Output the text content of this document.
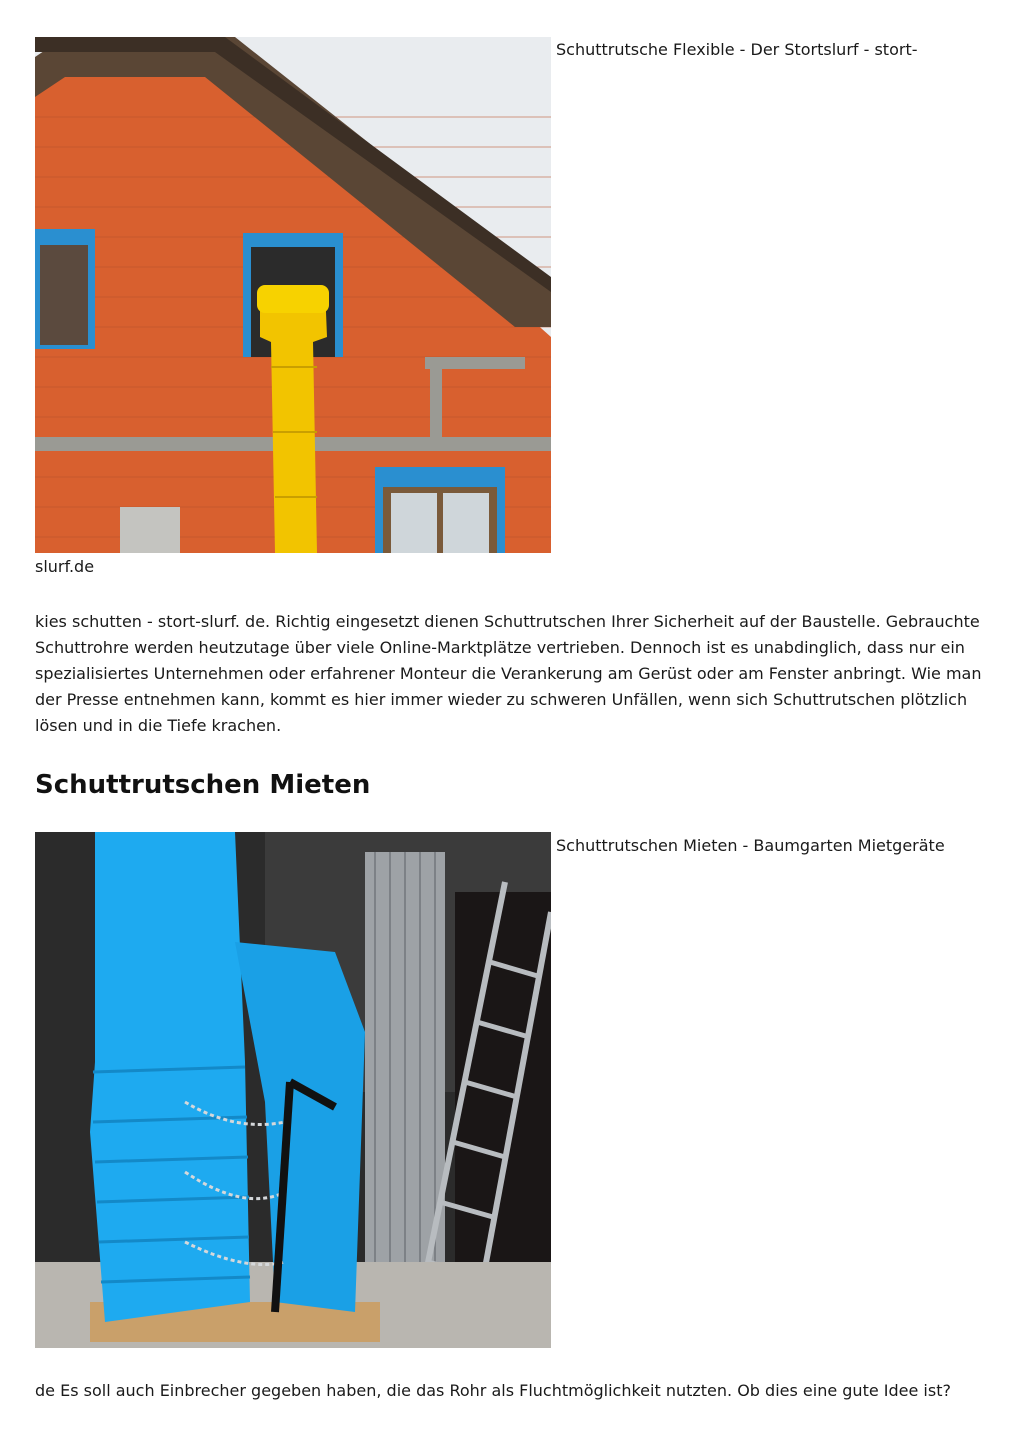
Schuttrutsche Flexible - Der Stortslurf - stort-
slurf.de

kies schutten - stort-slurf. de. Richtig eingesetzt dienen Schuttrutschen Ihrer Sicherheit auf der Baustelle. Gebrauchte Schuttrohre werden heutzutage über viele Online-Marktplätze vertrieben. Dennoch ist es unabdinglich, dass nur ein spezialisiertes Unternehmen oder erfahrener Monteur die Verankerung am Gerüst oder am Fenster anbringt. Wie man der Presse entnehmen kann, kommt es hier immer wieder zu schweren Unfällen, wenn sich Schuttrutschen plötzlich lösen und in die Tiefe krachen.

Schuttrutschen Mieten
Schuttrutschen Mieten - Baumgarten Mietgeräte

de Es soll auch Einbrecher gegeben haben, die das Rohr als Fluchtmöglichkeit nutzten. Ob dies eine gute Idee ist?
